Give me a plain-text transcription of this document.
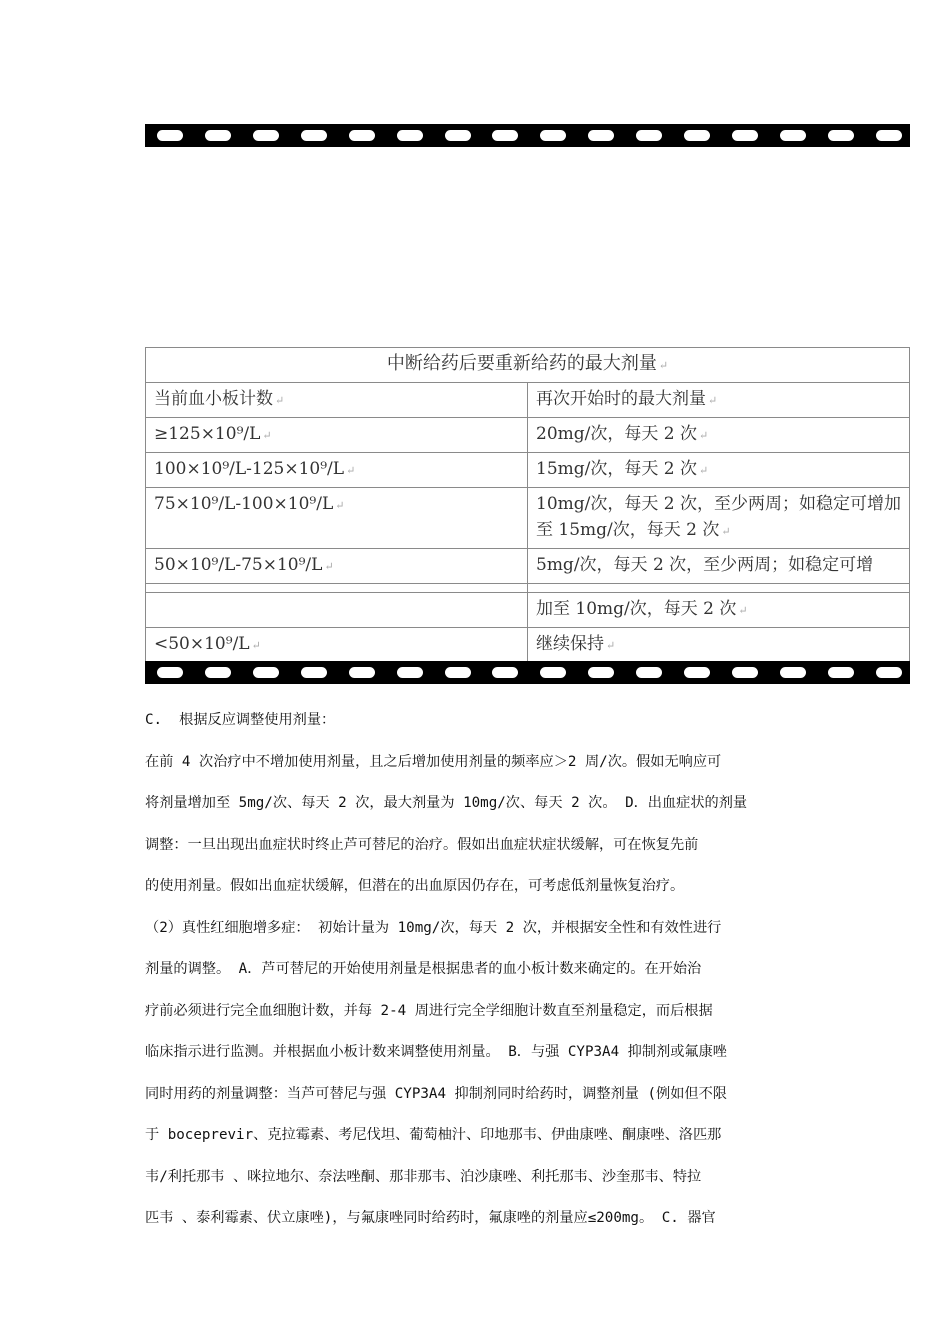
中断给药后要重新给药的最大剂量 ↵	
当前血小板计数 ↵	再次开始时的最大剂量 ↵
≥125×10⁹/L ↵	20mg/次，每天 2 次 ↵
100×10⁹/L-125×10⁹/L ↵	15mg/次，每天 2 次 ↵
75×10⁹/L-100×10⁹/L ↵	10mg/次，每天 2 次，至少两周；如稳定可增加至 15mg/次，每天 2 次 ↵
50×10⁹/L-75×10⁹/L ↵	5mg/次，每天 2 次，至少两周；如稳定可增

	加至 10mg/次，每天 2 次 ↵
<50×10⁹/L ↵	继续保持 ↵

C.  根据反应调整使用剂量：

在前 4 次治疗中不增加使用剂量，且之后增加使用剂量的频率应＞2 周/次。假如无响应可

将剂量增加至 5mg/次、每天 2 次，最大剂量为 10mg/次、每天 2 次。 D．出血症状的剂量

调整：一旦出现出血症状时终止芦可替尼的治疗。假如出血症状症状缓解，可在恢复先前

的使用剂量。假如出血症状缓解，但潜在的出血原因仍存在，可考虑低剂量恢复治疗。

（2）真性红细胞增多症： 初始计量为 10mg/次，每天 2 次，并根据安全性和有效性进行

剂量的调整。 A．芦可替尼的开始使用剂量是根据患者的血小板计数来确定的。在开始治

疗前必须进行完全血细胞计数，并每 2-4 周进行完全学细胞计数直至剂量稳定，而后根据

临床指示进行监测。并根据血小板计数来调整使用剂量。 B．与强 CYP3A4 抑制剂或氟康唑

同时用药的剂量调整：当芦可替尼与强 CYP3A4 抑制剂同时给药时，调整剂量 (例如但不限

于 boceprevir、克拉霉素、考尼伐坦、葡萄柚汁、印地那韦、伊曲康唑、酮康唑、洛匹那

韦/利托那韦 、咪拉地尔、奈法唑酮、那非那韦、泊沙康唑、利托那韦、沙奎那韦、特拉

匹韦 、泰利霉素、伏立康唑)，与氟康唑同时给药时，氟康唑的剂量应≤200mg。 C. 器官
